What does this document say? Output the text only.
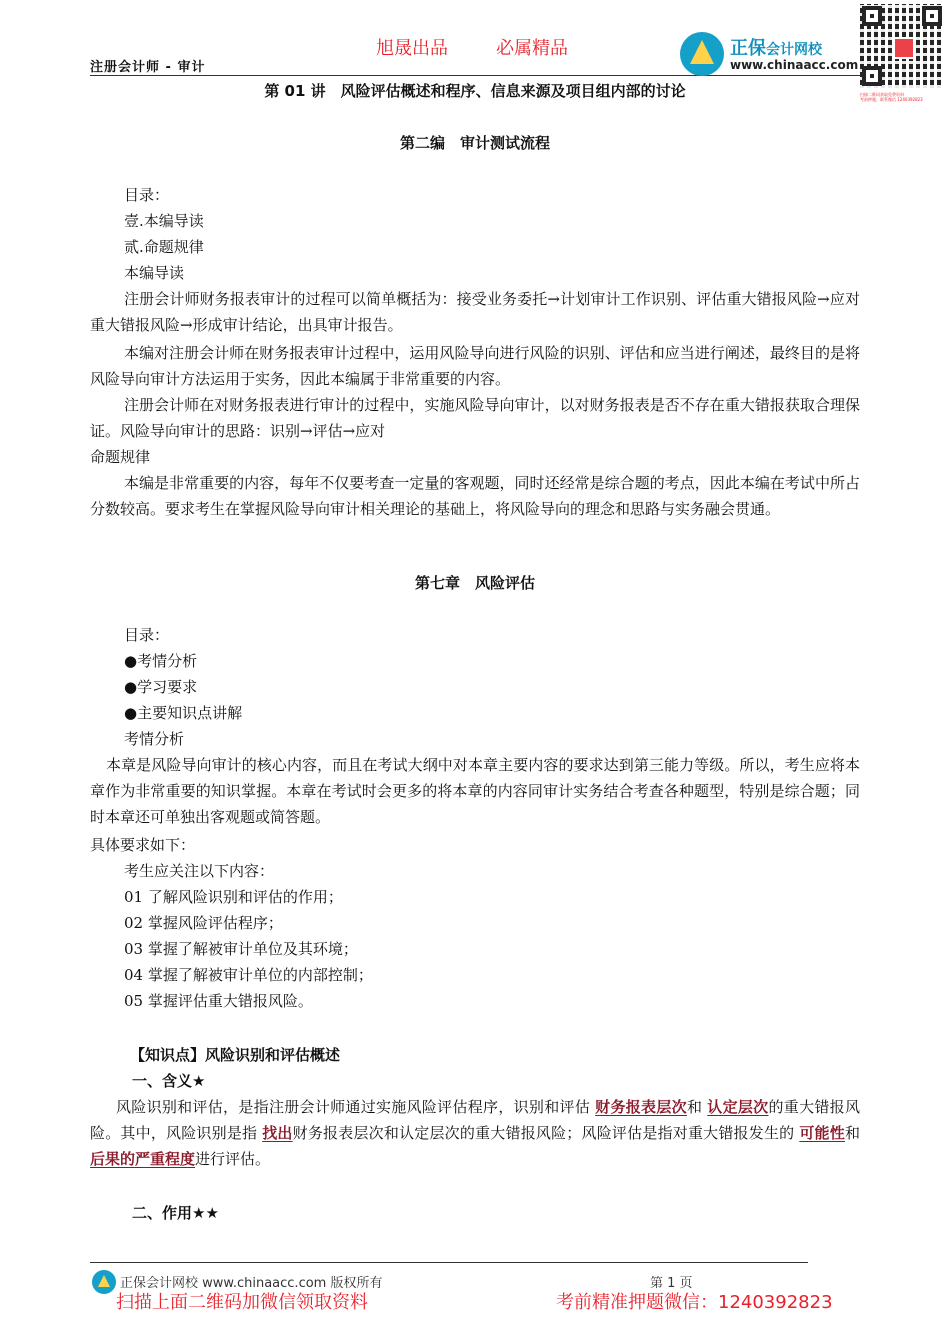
旭晟出品	必属精品
注册会计师 - 审计
正保会计网校
www.chinaacc.com
扫描二维码获取免费资料
考前押题，联系微信 1240392823
第 01 讲　风险评估概述和程序、信息来源及项目组内部的讨论
第二编　审计测试流程
目录：
壹.本编导读
贰.命题规律
本编导读
注册会计师财务报表审计的过程可以简单概括为：接受业务委托→计划审计工作识别、评估重大错报风险→应对重大错报风险→形成审计结论，出具审计报告。
本编对注册会计师在财务报表审计过程中，运用风险导向进行风险的识别、评估和应当进行阐述，最终目的是将风险导向审计方法运用于实务，因此本编属于非常重要的内容。
注册会计师在对财务报表进行审计的过程中，实施风险导向审计，以对财务报表是否不存在重大错报获取合理保证。风险导向审计的思路：识别→评估→应对
命题规律
本编是非常重要的内容，每年不仅要考查一定量的客观题，同时还经常是综合题的考点，因此本编在考试中所占分数较高。要求考生在掌握风险导向审计相关理论的基础上，将风险导向的理念和思路与实务融会贯通。
第七章　风险评估
目录：
●考情分析
●学习要求
●主要知识点讲解
考情分析
本章是风险导向审计的核心内容，而且在考试大纲中对本章主要内容的要求达到第三能力等级。所以，考生应将本章作为非常重要的知识掌握。本章在考试时会更多的将本章的内容同审计实务结合考查各种题型，特别是综合题；同时本章还可单独出客观题或简答题。
具体要求如下：
考生应关注以下内容：
01 了解风险识别和评估的作用；
02 掌握风险评估程序；
03 掌握了解被审计单位及其环境；
04 掌握了解被审计单位的内部控制；
05 掌握评估重大错报风险。
【知识点】风险识别和评估概述
一、含义★
风险识别和评估，是指注册会计师通过实施风险评估程序，识别和评估 财务报表层次和 认定层次的重大错报风险。其中，风险识别是指 找出财务报表层次和认定层次的重大错报风险；风险评估是指对重大错报发生的 可能性和 后果的严重程度进行评估。
二、作用★★
正保会计网校 www.chinaacc.com 版权所有	第 1 页
扫描上面二维码加微信领取资料	考前精准押题微信：1240392823
